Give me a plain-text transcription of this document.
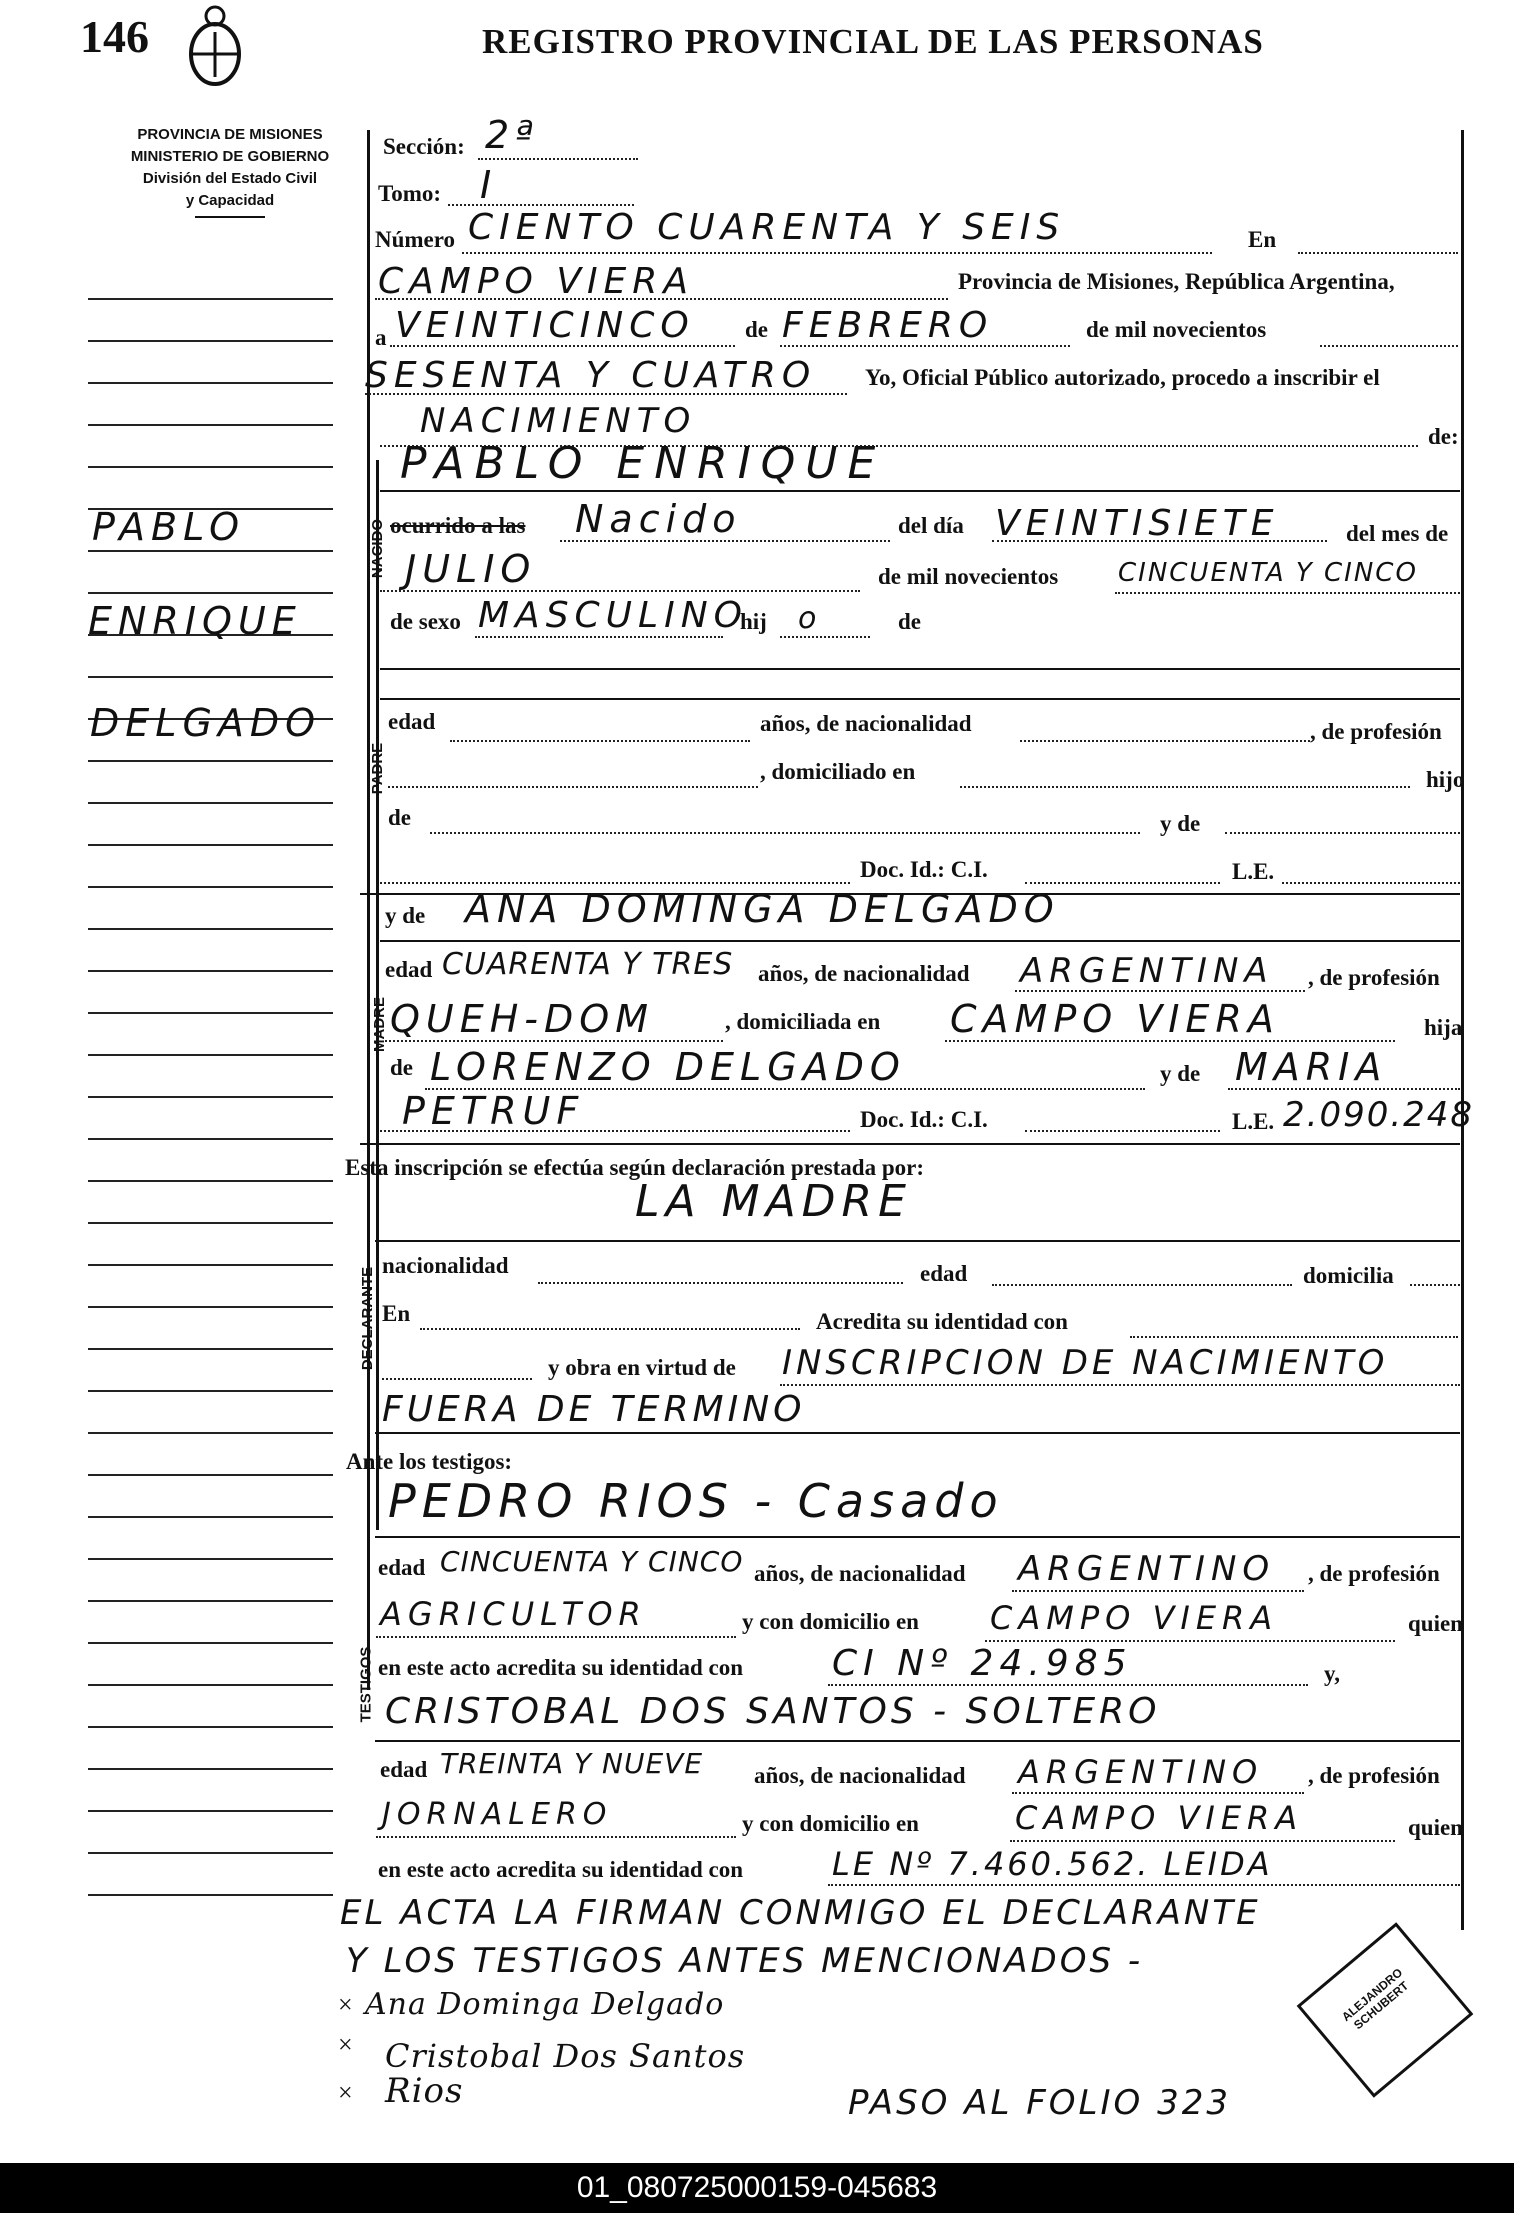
146	REGISTRO PROVINCIAL DE LAS PERSONAS
PROVINCIA DE MISIONES
MINISTERIO DE GOBIERNO
División del Estado Civil
y Capacidad
PABLO
ENRIQUE
DELGADO
Sección: 2ª
Tomo: I
Número CIENTO CUARENTA Y SEIS	En
CAMPO VIERA	Provincia de Misiones, República Argentina,
a VEINTICINCO de FEBRERO	de mil novecientos
SESENTA Y CUATRO Yo, Oficial Público autorizado, procedo a inscribir el
NACIMIENTO	de:
NACIDO
PABLO ENRIQUE
ocurrido a las Nacido	del día VEINTISIETE	del mes de
JULIO	de mil novecientos CINCUENTA Y CINCO
de sexo MASCULINO
hij o	de
PADRE
edad	años, de nacionalidad	, de profesión
, domiciliado en	hijo
de	y de
Doc. Id.: C.I.	L.E.
y de ANA DOMINGA DELGADO
MADRE
edad CUARENTA Y TRES años, de nacionalidad ARGENTINA , de profesión
QUEH-DOM	, domiciliada en CAMPO VIERA	hija
de LORENZO DELGADO	y de MARIA
PETRUF	Doc. Id.: C.I.	L.E. 2.090.248
Esta inscripción se efectúa según declaración prestada por:
LA MADRE
DECLARANTE
nacionalidad	edad	domicilia
En	Acredita su identidad con
y obra en virtud de INSCRIPCION DE NACIMIENTO
FUERA DE TERMINO
Ante los testigos:
PEDRO RIOS - Casado
TESTIGOS
edad CINCUENTA Y CINCO años, de nacionalidad ARGENTINO , de profesión
AGRICULTOR	y con domicilio en CAMPO VIERA	quien
en este acto acredita su identidad con CI Nº 24.985	y,
CRISTOBAL DOS SANTOS - SOLTERO
edad TREINTA Y NUEVE años, de nacionalidad ARGENTINO , de profesión
JORNALERO	y con domicilio en	CAMPO VIERA	quien
en este acto acredita su identidad con	LE Nº 7.460.562. LEIDA
EL ACTA LA FIRMAN CONMIGO EL DECLARANTE
Y LOS TESTIGOS ANTES MENCIONADOS -
× Ana Dominga Delgado
× Cristobal Dos Santos
× Rios	PASO AL FOLIO 323
ALEJANDRO SCHUBERT
01_080725000159-045683
